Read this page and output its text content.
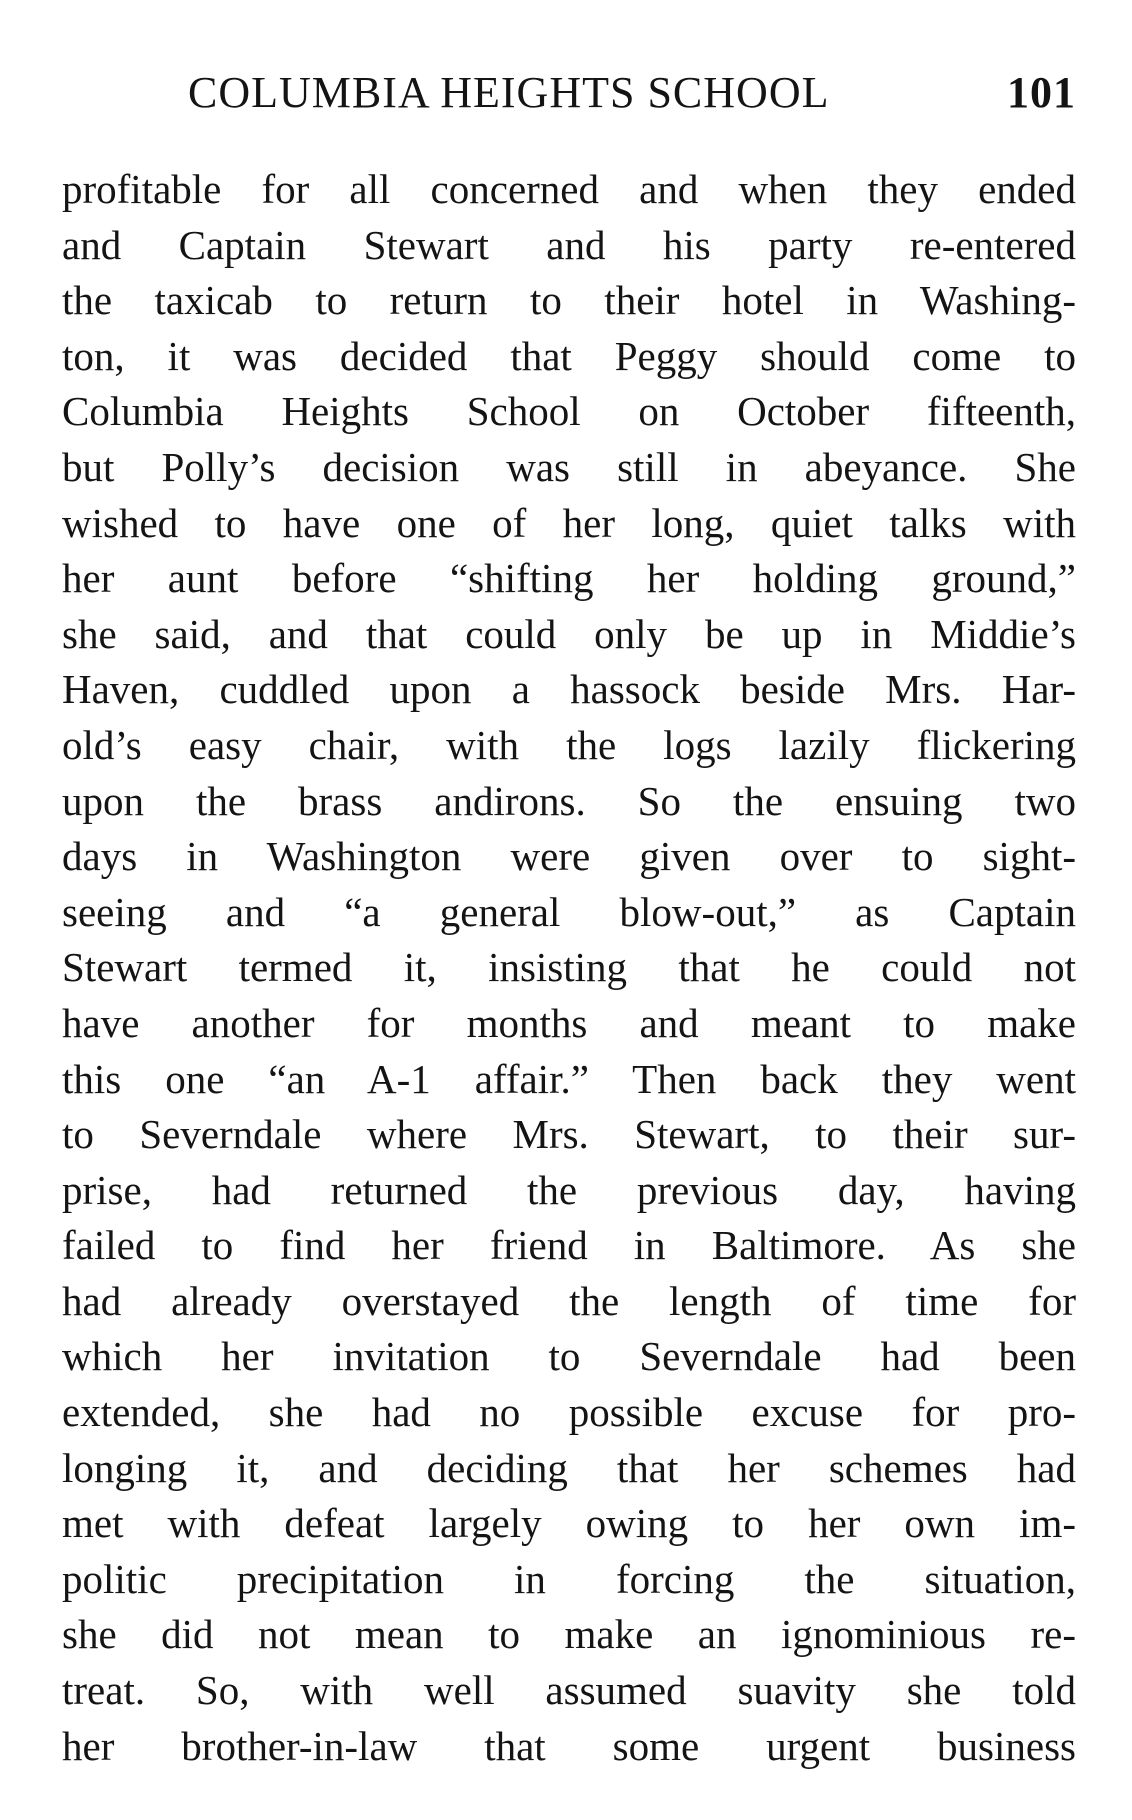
COLUMBIA HEIGHTS SCHOOL	101
profitable for all concerned and when they ended
and Captain Stewart and his party re-entered
the taxicab to return to their hotel in Washing-
ton, it was decided that Peggy should come to
Columbia Heights School on October fifteenth,
but Polly’s decision was still in abeyance. She
wished to have one of her long, quiet talks with
her aunt before “shifting her holding ground,”
she said, and that could only be up in Middie’s
Haven, cuddled upon a hassock beside Mrs. Har-
old’s easy chair, with the logs lazily flickering
upon the brass andirons. So the ensuing two
days in Washington were given over to sight-
seeing and “a general blow-out,” as Captain
Stewart termed it, insisting that he could not
have another for months and meant to make
this one “an A-1 affair.” Then back they went
to Severndale where Mrs. Stewart, to their sur-
prise, had returned the previous day, having
failed to find her friend in Baltimore. As she
had already overstayed the length of time for
which her invitation to Severndale had been
extended, she had no possible excuse for pro-
longing it, and deciding that her schemes had
met with defeat largely owing to her own im-
politic precipitation in forcing the situation,
she did not mean to make an ignominious re-
treat. So, with well assumed suavity she told
her brother-in-law that some urgent business
